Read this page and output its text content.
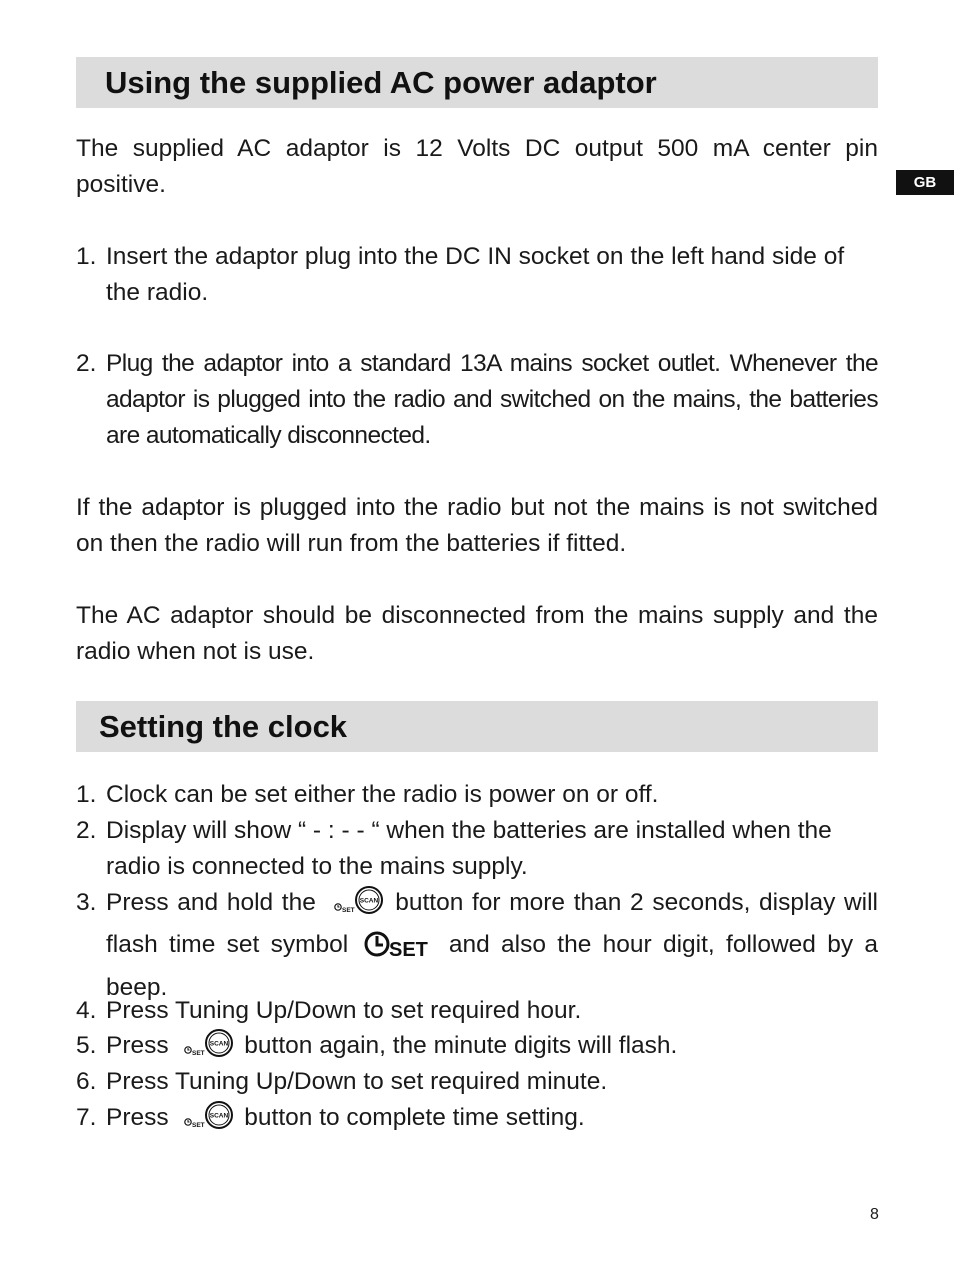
GB
Using the supplied AC power adaptor

The supplied AC adaptor is 12 Volts DC output 500 mA center pin positive.

1. Insert the adaptor plug into the DC IN socket on the left hand side of the radio.
2. Plug the adaptor into a standard 13A mains socket outlet. Whenever the adaptor is plugged into the radio and switched on the mains, the batteries are automatically disconnected.

If the adaptor is plugged into the radio but not the mains is not switched on then the radio will run from the batteries if fitted.

The AC adaptor should be disconnected from the mains supply and the radio when not is use.

Setting the clock
1. Clock can be set either the radio is power on or off.
2. Display will show “ - : - - “ when the batteries are installed when the radio is connected to the mains supply.
3. Press and hold the	SET
SCAN button for more than 2 seconds, display will flash time set symbol SET and also the hour digit, followed by a beep.
4. Press Tuning Up/Down to set required hour.
5. Press	SET
SCAN button again, the minute digits will flash.
6. Press Tuning Up/Down to set required minute.
7. Press	SET
SCAN button to complete time setting.
8
